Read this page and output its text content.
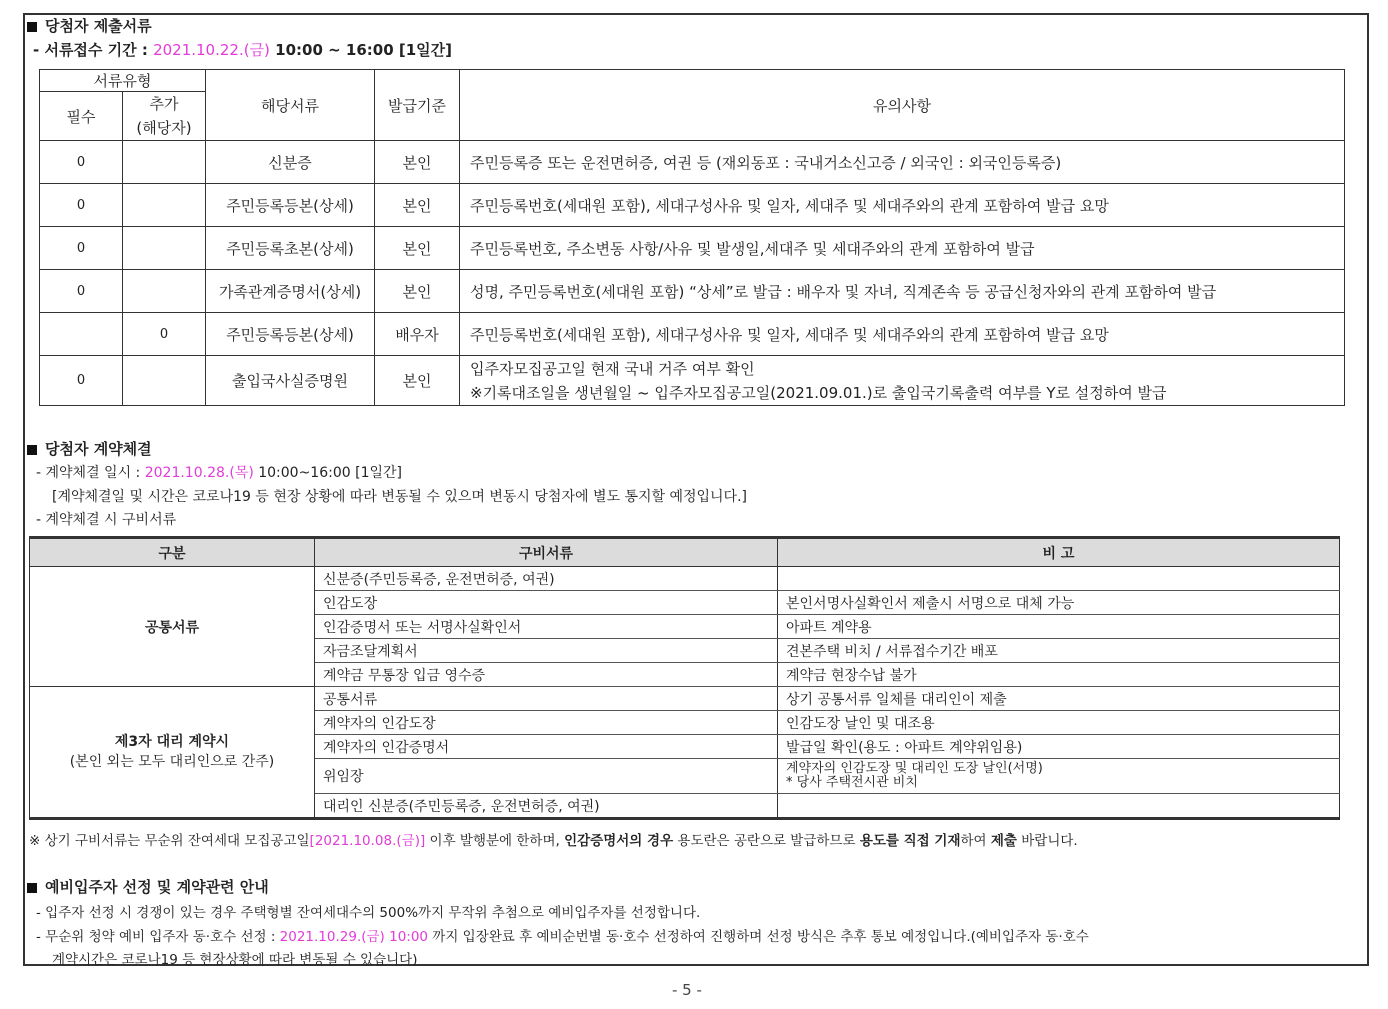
당첨자 제출서류
- 서류접수 기간 : 2021.10.22.(금) 10:00 ~ 16:00 [1일간]
서류유형		해당서류	발급기준	유의사항
필수	추가
(해당자)			
0		신분증	본인	주민등록증 또는 운전면허증, 여권 등 (재외동포 : 국내거소신고증 / 외국인 : 외국인등록증)
0		주민등록등본(상세)	본인	주민등록번호(세대원 포함), 세대구성사유 및 일자, 세대주 및 세대주와의 관계 포함하여 발급 요망
0		주민등록초본(상세)	본인	주민등록번호, 주소변동 사항/사유 및 발생일,세대주 및 세대주와의 관계 포함하여 발급
0		가족관계증명서(상세)	본인	성명, 주민등록번호(세대원 포함) “상세”로 발급 : 배우자 및 자녀, 직계존속 등 공급신청자와의 관계 포함하여 발급
	0	주민등록등본(상세)	배우자	주민등록번호(세대원 포함), 세대구성사유 및 일자, 세대주 및 세대주와의 관계 포함하여 발급 요망
0		출입국사실증명원	본인	입주자모집공고일 현재 국내 거주 여부 확인
※기록대조일을 생년월일 ~ 입주자모집공고일(2021.09.01.)로 출입국기록출력 여부를 Y로 설정하여 발급
당첨자 계약체결
- 계약체결 일시 : 2021.10.28.(목) 10:00~16:00 [1일간]
[계약체결일 및 시간은 코로나19 등 현장 상황에 따라 변동될 수 있으며 변동시 당첨자에 별도 통지할 예정입니다.]
- 계약체결 시 구비서류
구분	구비서류	비 고
공통서류	신분증(주민등록증, 운전면허증, 여권)	
	인감도장	본인서명사실확인서 제출시 서명으로 대체 가능
	인감증명서 또는 서명사실확인서	아파트 계약용
	자금조달계획서	견본주택 비치 / 서류접수기간 배포
	계약금 무통장 입금 영수증	계약금 현장수납 불가

제3자 대리 계약시
(본인 외는 모두 대리인으로 간주)	공통서류	상기 공통서류 일체를 대리인이 제출
	계약자의 인감도장	인감도장 날인 및 대조용
	계약자의 인감증명서	발급일 확인(용도 : 아파트 계약위임용)
	위임장	계약자의 인감도장 및 대리인 도장 날인(서명)
* 당사 주택전시관 비치
	대리인 신분증(주민등록증, 운전면허증, 여권)	
※ 상기 구비서류는 무순위 잔여세대 모집공고일[2021.10.08.(금)] 이후 발행분에 한하며, 인감증명서의 경우 용도란은 공란으로 발급하므로 용도를 직접 기재하여 제출 바랍니다.
예비입주자 선정 및 계약관련 안내
- 입주자 선정 시 경쟁이 있는 경우 주택형별 잔여세대수의 500%까지 무작위 추첨으로 예비입주자를 선정합니다.
- 무순위 청약 예비 입주자 동·호수 선정 : 2021.10.29.(금) 10:00 까지 입장완료 후 예비순번별 동·호수 선정하여 진행하며 선정 방식은 추후 통보 예정입니다.(예비입주자 동·호수
계약시간은 코로나19 등 현장상황에 따라 변동될 수 있습니다)
- 5 -
